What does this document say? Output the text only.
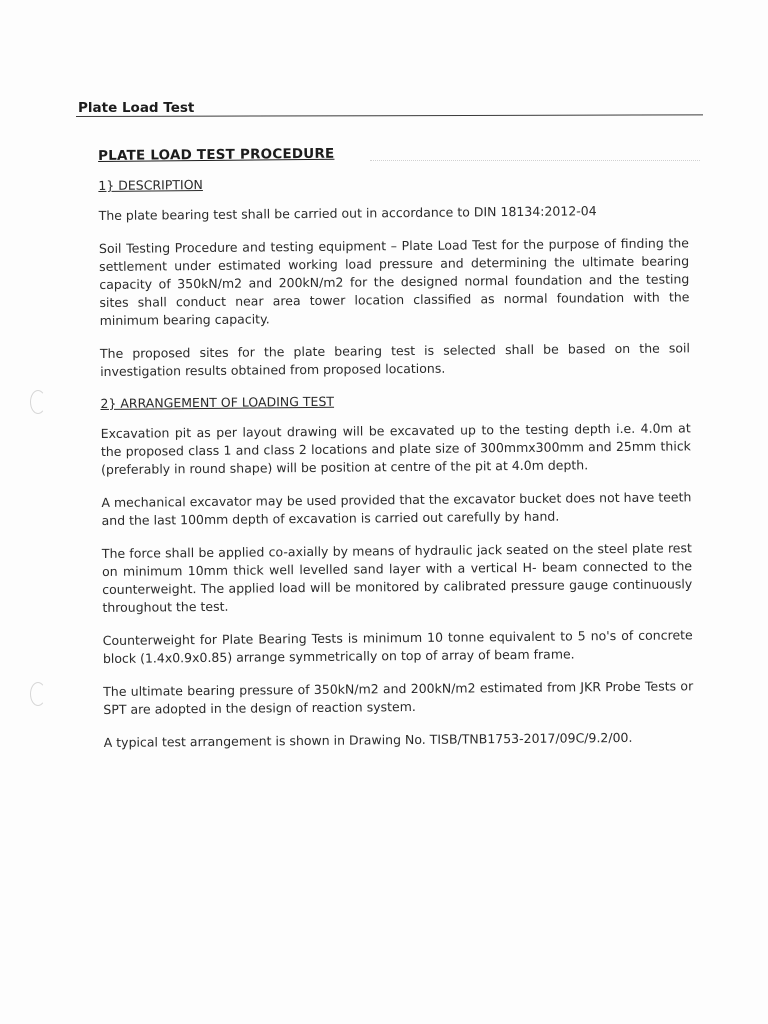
Plate Load Test
PLATE LOAD TEST PROCEDURE
1} DESCRIPTION

The plate bearing test shall be carried out in accordance to DIN 18134:2012-04

Soil Testing Procedure and testing equipment – Plate Load Test for the purpose of finding the settlement under estimated working load pressure and determining the ultimate bearing capacity of 350kN/m2 and 200kN/m2 for the designed normal foundation and the testing sites shall conduct near area tower location classified as normal foundation with the minimum bearing capacity.

The proposed sites for the plate bearing test is selected shall be based on the soil investigation results obtained from proposed locations.

2} ARRANGEMENT OF LOADING TEST

Excavation pit as per layout drawing will be excavated up to the testing depth i.e. 4.0m at the proposed class 1 and class 2 locations and plate size of 300mmx300mm and 25mm thick (preferably in round shape) will be position at centre of the pit at 4.0m depth.

A mechanical excavator may be used provided that the excavator bucket does not have teeth and the last 100mm depth of excavation is carried out carefully by hand.

The force shall be applied co-axially by means of hydraulic jack seated on the steel plate rest on minimum 10mm thick well levelled sand layer with a vertical H- beam connected to the counterweight. The applied load will be monitored by calibrated pressure gauge continuously throughout the test.

Counterweight for Plate Bearing Tests is minimum 10 tonne equivalent to 5 no's of concrete block (1.4x0.9x0.85) arrange symmetrically on top of array of beam frame.

The ultimate bearing pressure of 350kN/m2 and 200kN/m2 estimated from JKR Probe Tests or SPT are adopted in the design of reaction system.

A typical test arrangement is shown in Drawing No. TISB/TNB1753-2017/09C/9.2/00.
